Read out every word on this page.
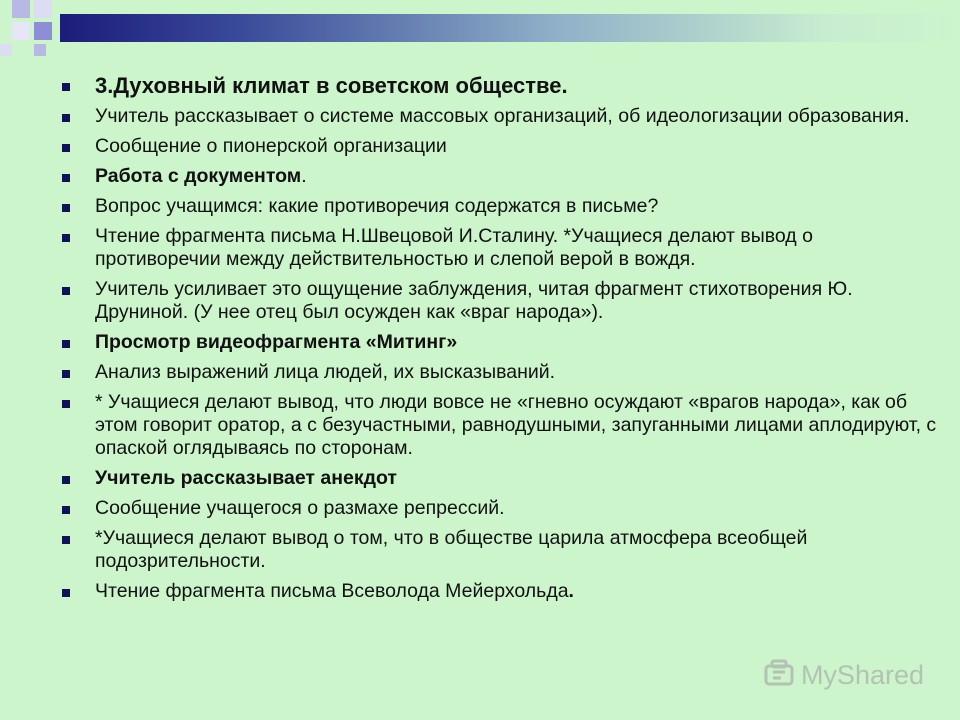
3.Духовный климат в советском обществе.
Учитель рассказывает о системе массовых организаций, об идеологизации образования.
Сообщение о пионерской организации
Работа с документом.
Вопрос учащимся: какие противоречия содержатся в письме?
Чтение фрагмента письма Н.Швецовой И.Сталину. *Учащиеся делают вывод о противоречии между действительностью и слепой верой в вождя.
Учитель усиливает это ощущение заблуждения, читая фрагмент стихотворения Ю. Друниной. (У нее отец был осужден как «враг народа»).
Просмотр видеофрагмента «Митинг»
Анализ выражений лица людей, их высказываний.
* Учащиеся делают вывод, что люди вовсе не «гневно осуждают «врагов народа», как об этом говорит оратор, а с безучастными, равнодушными, запуганными лицами аплодируют, с опаской оглядываясь по сторонам.
Учитель рассказывает анекдот
Сообщение учащегося о размахе репрессий.
*Учащиеся делают вывод о том, что в обществе царила атмосфера всеобщей подозрительности.
Чтение фрагмента письма Всеволода Мейерхольда.
MyShared
